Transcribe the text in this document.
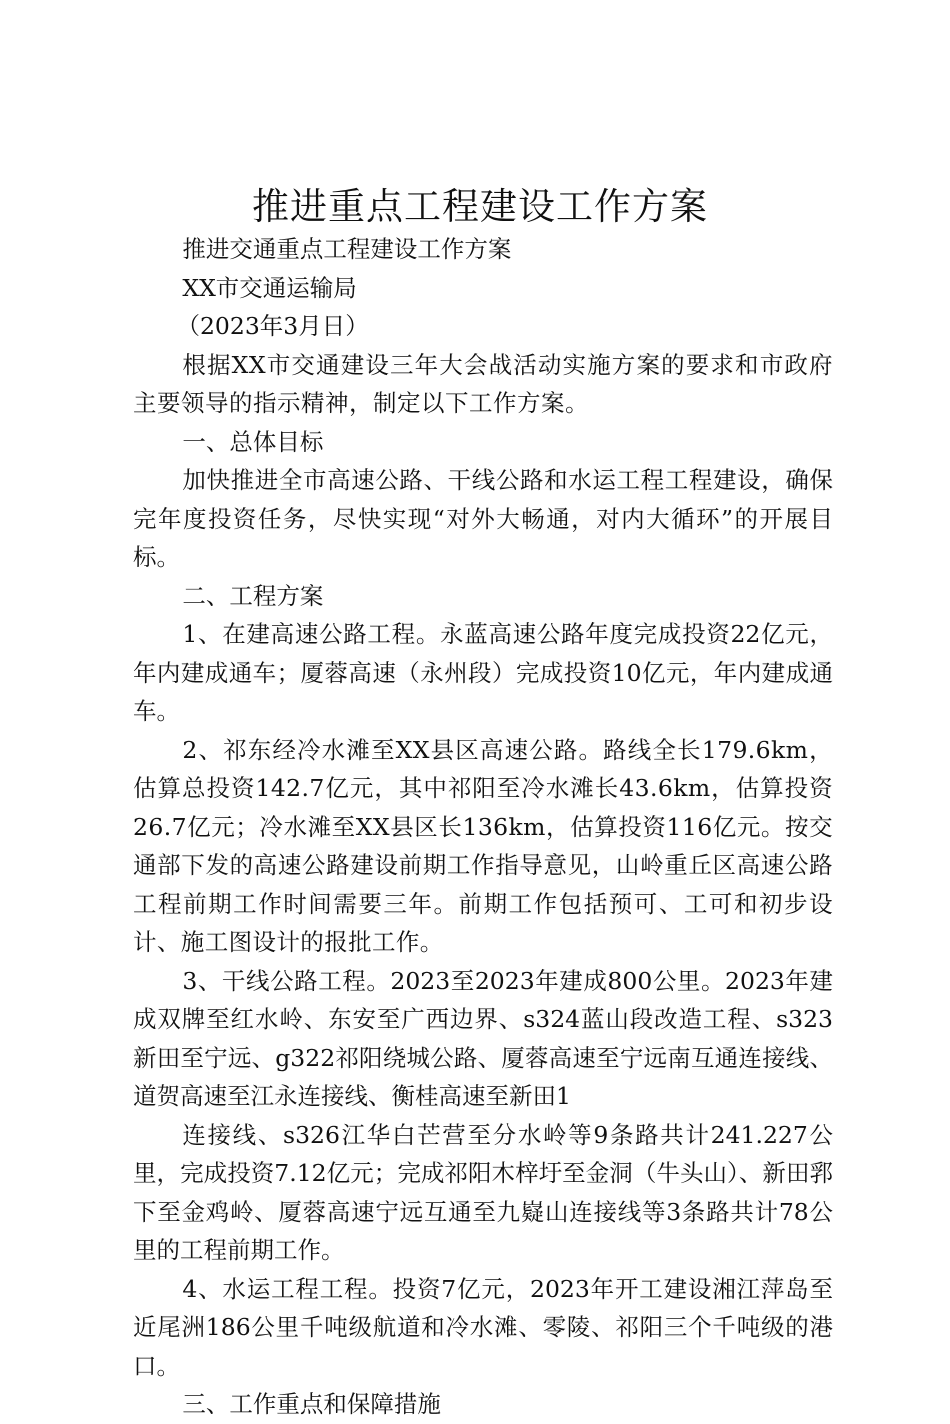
推进重点工程建设工作方案

推进交通重点工程建设工作方案

XX市交通运输局

（2023年3月日）

根据XX市交通建设三年大会战活动实施方案的要求和市政府主要领导的指示精神，制定以下工作方案。

一、总体目标

加快推进全市高速公路、干线公路和水运工程工程建设，确保完年度投资任务，尽快实现“对外大畅通，对内大循环”的开展目标。

二、工程方案

1、在建高速公路工程。永蓝高速公路年度完成投资22亿元，年内建成通车；厦蓉高速（永州段）完成投资10亿元，年内建成通车。

2、祁东经冷水滩至XX县区高速公路。路线全长179.6km，估算总投资142.7亿元，其中祁阳至冷水滩长43.6km，估算投资26.7亿元；冷水滩至XX县区长136km，估算投资116亿元。按交通部下发的高速公路建设前期工作指导意见，山岭重丘区高速公路工程前期工作时间需要三年。前期工作包括预可、工可和初步设计、施工图设计的报批工作。

3、干线公路工程。2023至2023年建成800公里。2023年建成双牌至红水岭、东安至广西边界、s324蓝山段改造工程、s323新田至宁远、g322祁阳绕城公路、厦蓉高速至宁远南互通连接线、道贺高速至江永连接线、衡桂高速至新田1

连接线、s326江华白芒营至分水岭等9条路共计241.227公里，完成投资7.12亿元；完成祁阳木梓圩至金洞（牛头山）、新田郛下至金鸡岭、厦蓉高速宁远互通至九嶷山连接线等3条路共计78公里的工程前期工作。

4、水运工程工程。投资7亿元，2023年开工建设湘江萍岛至近尾洲186公里千吨级航道和冷水滩、零陵、祁阳三个千吨级的港口。

三、工作重点和保障措施
